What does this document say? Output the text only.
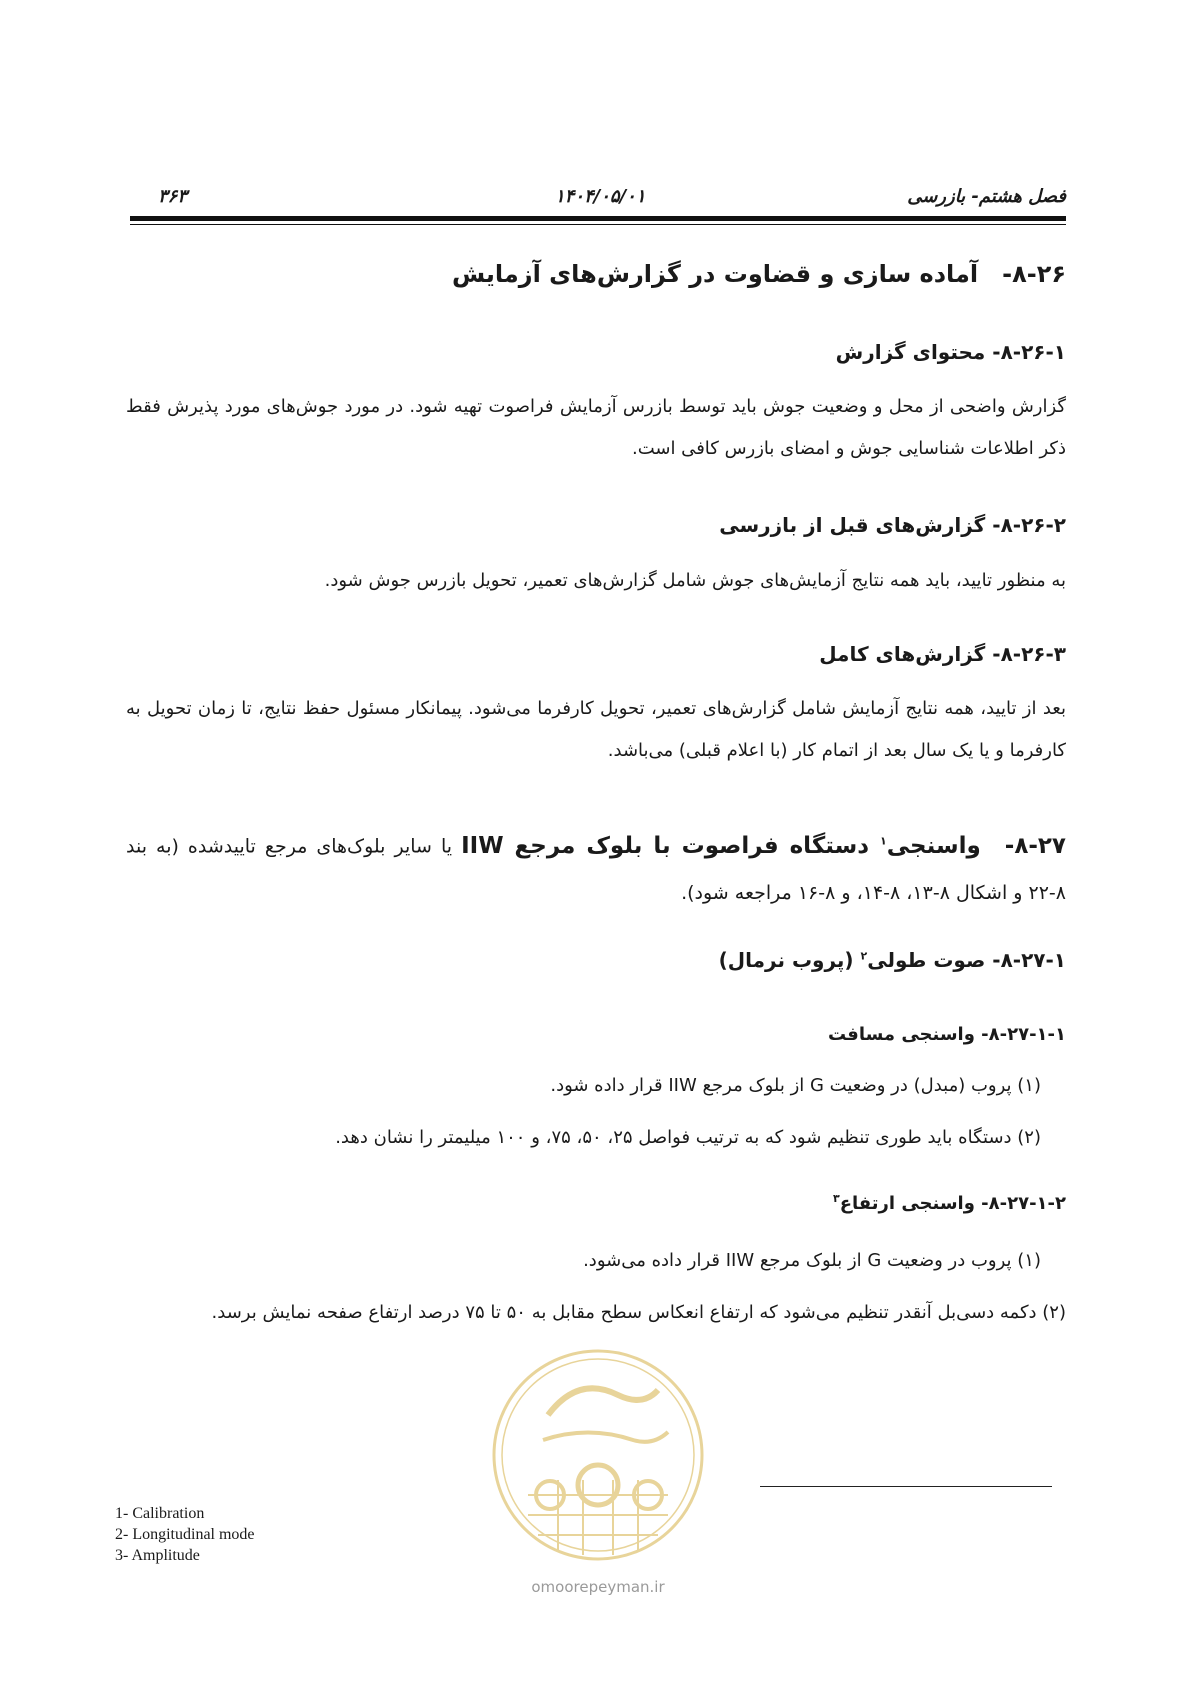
۳۶۳	۱۴۰۴/۰۵/۰۱	فصل هشتم- بازرسی
۸-۲۶-آماده سازی و قضاوت در گزارش‌های آزمایش
۸-۲۶-۱- محتوای گزارش
گزارش واضحی از محل و وضعیت جوش باید توسط بازرس آزمایش فراصوت تهیه شود. در مورد جوش‌های مورد پذیرش فقط ذکر اطلاعات شناسایی جوش و امضای بازرس کافی است.
۸-۲۶-۲- گزارش‌های قبل از بازرسی
به منظور تایید، باید همه نتایج آزمایش‌های جوش شامل گزارش‌های تعمیر، تحویل بازرس جوش شود.
۸-۲۶-۳- گزارش‌های کامل
بعد از تایید، همه نتایج آزمایش شامل گزارش‌های تعمیر، تحویل کارفرما می‌شود. پیمانکار مسئول حفظ نتایج، تا زمان تحویل به کارفرما و یا یک سال بعد از اتمام کار (با اعلام قبلی) می‌باشد.
۸-۲۷-واسنجی$^۱$ دستگاه فراصوت با بلوک مرجع IIW یا سایر بلوک‌های مرجع تاییدشده (به بند ۸-۲۲ و اشکال ۸-۱۳، ۸-۱۴، و ۸-۱۶ مراجعه شود).
۸-۲۷-۱- صوت طولی$^۲$ (پروب نرمال)
۸-۲۷-۱-۱- واسنجی مسافت
(۱) پروب (مبدل) در وضعیت G از بلوک مرجع IIW قرار داده شود.
(۲) دستگاه باید طوری تنظیم شود که به ترتیب فواصل ۲۵، ۵۰، ۷۵، و ۱۰۰ میلیمتر را نشان دهد.
۸-۲۷-۱-۲- واسنجی ارتفاع$^۳$
(۱) پروب در وضعیت G از بلوک مرجع IIW قرار داده می‌شود.
(۲) دکمه دسی‌بل آنقدر تنظیم می‌شود که ارتفاع انعکاس سطح مقابل به ۵۰ تا ۷۵ درصد ارتفاع صفحه نمایش برسد.
omoorepeyman.ir
1- Calibration
2- Longitudinal mode
3- Amplitude
